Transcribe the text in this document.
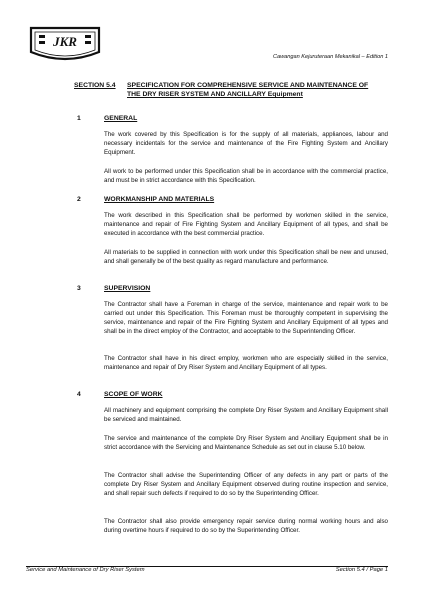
JKR
Cawangan Kejuruteraan Mekanikal – Edition 1
SECTION 5.4 SPECIFICATION FOR COMPREHENSIVE SERVICE AND MAINTENANCE OF THE DRY RISER SYSTEM AND ANCILLARY Equipment
1	GENERAL

The work covered by this Specification is for the supply of all materials, appliances, labour and necessary incidentals for the service and maintenance of the Fire Fighting System and Ancillary Equipment.

All work to be performed under this Specification shall be in accordance with the commercial practice, and must be in strict accordance with this Specification.

2	WORKMANSHIP AND MATERIALS

The work described in this Specification shall be performed by workmen skilled in the service, maintenance and repair of Fire Fighting System and Ancillary Equipment of all types, and shall be executed in accordance with the best commercial practice.

All materials to be supplied in connection with work under this Specification shall be new and unused, and shall generally be of the best quality as regard manufacture and performance.

3	SUPERVISION

The Contractor shall have a Foreman in charge of the service, maintenance and repair work to be carried out under this Specification. This Foreman must be thoroughly competent in supervising the service, maintenance and repair of the Fire Fighting System and Ancillary Equipment of all types and shall be in the direct employ of the Contractor, and acceptable to the Superintending Officer.

The Contractor shall have in his direct employ, workmen who are especially skilled in the service, maintenance and repair of Dry Riser System and Ancillary Equipment of all types.

4	SCOPE OF WORK

All machinery and equipment comprising the complete Dry Riser System and Ancillary Equipment shall be serviced and maintained.

The service and maintenance of the complete Dry Riser System and Ancillary Equipment shall be in strict accordance with the Servicing and Maintenance Schedule as set out in clause 5.10 below.

The Contractor shall advise the Superintending Officer of any defects in any part or parts of the complete Dry Riser System and Ancillary Equipment observed during routine inspection and service, and shall repair such defects if required to do so by the Superintending Officer.

The Contractor shall also provide emergency repair service during normal working hours and also during overtime hours if required to do so by the Superintending Officer.

Service and Maintenance of Dry Riser System	Section 5.4 / Page 1
